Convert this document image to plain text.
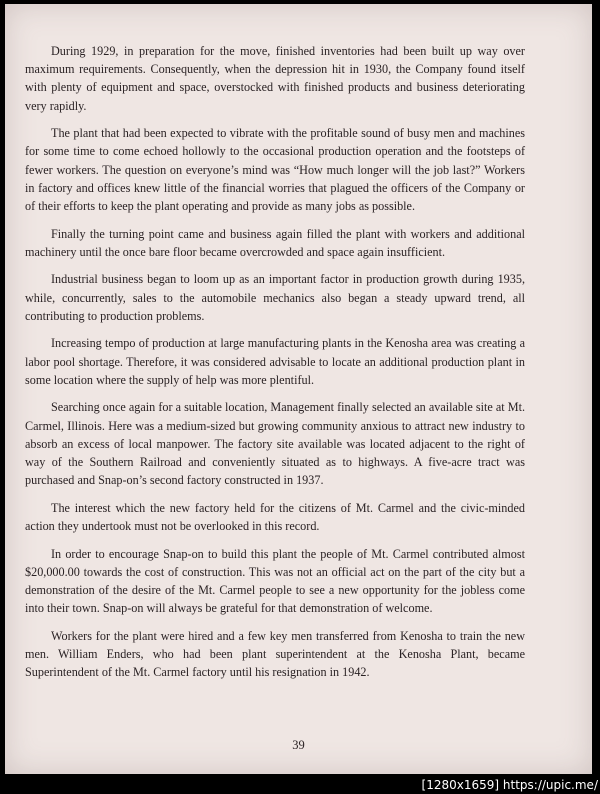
During 1929, in preparation for the move, finished inventories had been built up way over maximum requirements. Consequently, when the depression hit in 1930, the Company found itself with plenty of equipment and space, overstocked with finished products and business deteriorating very rapidly.

The plant that had been expected to vibrate with the profitable sound of busy men and machines for some time to come echoed hollowly to the occasional production operation and the footsteps of fewer workers. The question on everyone’s mind was “How much longer will the job last?” Workers in factory and offices knew little of the financial worries that plagued the officers of the Company or of their efforts to keep the plant operating and provide as many jobs as possible.

Finally the turning point came and business again filled the plant with workers and additional machinery until the once bare floor became overcrowded and space again insufficient.

Industrial business began to loom up as an important factor in production growth during 1935, while, concurrently, sales to the automobile mechanics also began a steady upward trend, all contributing to production problems.

Increasing tempo of production at large manufacturing plants in the Kenosha area was creating a labor pool shortage. Therefore, it was considered advisable to locate an additional production plant in some location where the supply of help was more plentiful.

Searching once again for a suitable location, Management finally selected an available site at Mt. Carmel, Illinois. Here was a medium-sized but growing community anxious to attract new industry to absorb an excess of local manpower. The factory site available was located adjacent to the right of way of the Southern Railroad and conveniently situated as to highways. A five-acre tract was purchased and Snap-on’s second factory constructed in 1937.

The interest which the new factory held for the citizens of Mt. Carmel and the civic-minded action they undertook must not be overlooked in this record.

In order to encourage Snap-on to build this plant the people of Mt. Carmel contributed almost $20,000.00 towards the cost of construction. This was not an official act on the part of the city but a demonstration of the desire of the Mt. Carmel people to see a new opportunity for the jobless come into their town. Snap-on will always be grateful for that demonstration of welcome.

Workers for the plant were hired and a few key men transferred from Kenosha to train the new men. William Enders, who had been plant superintendent at the Kenosha Plant, became Superintendent of the Mt. Carmel factory until his resignation in 1942.

39
[1280x1659] https://upic.me/
